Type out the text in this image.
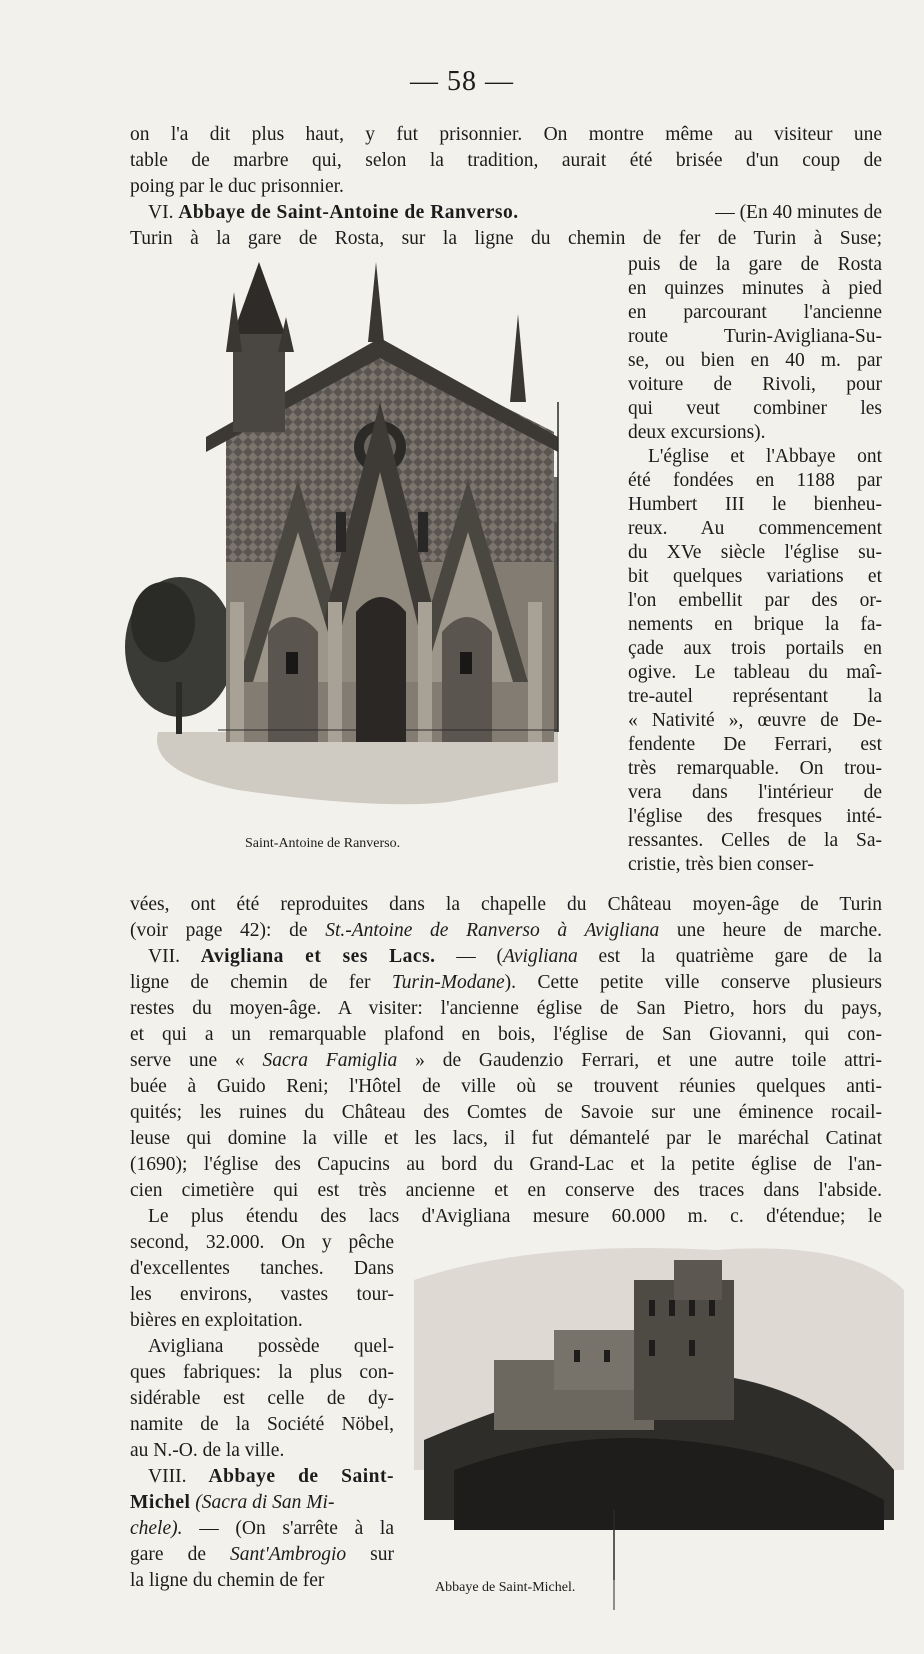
— 58 —
on l'a dit plus haut, y fut prisonnier. On montre même au visiteur une
table de marbre qui, selon la tradition, aurait été brisée d'un coup de
poing par le duc prisonnier.
VI. Abbaye de Saint-Antoine de Ranverso.	— (En 40 minutes de
Turin à la gare de Rosta, sur la ligne du chemin de fer de Turin à Suse;
puis de la gare de Rosta
en quinzes minutes à pied
en parcourant l'ancienne
route Turin-Avigliana-Su-
se, ou bien en 40 m. par
voiture de Rivoli, pour
qui veut combiner les
deux excursions).
L'église et l'Abbaye ont
été fondées en 1188 par
Humbert III le bienheu-
reux. Au commencement
du XVe siècle l'église su-
bit quelques variations et
l'on embellit par des or-
nements en brique la fa-
çade aux trois portails en
ogive. Le tableau du maî-
tre-autel représentant la
« Nativité », œuvre de De-
fendente De Ferrari, est
très remarquable. On trou-
vera dans l'intérieur de
l'église des fresques inté-
ressantes. Celles de la Sa-
cristie, très bien conser-
Saint-Antoine de Ranverso.
vées, ont été reproduites dans la chapelle du Château moyen-âge de Turin
(voir page 42): de St.-Antoine de Ranverso à Avigliana une heure de marche.
VII. Avigliana et ses Lacs. — (Avigliana est la quatrième gare de la
ligne de chemin de fer Turin-Modane). Cette petite ville conserve plusieurs
restes du moyen-âge. A visiter: l'ancienne église de San Pietro, hors du pays,
et qui a un remarquable plafond en bois, l'église de San Giovanni, qui con-
serve une « Sacra Famiglia » de Gaudenzio Ferrari, et une autre toile attri-
buée à Guido Reni; l'Hôtel de ville où se trouvent réunies quelques anti-
quités; les ruines du Château des Comtes de Savoie sur une éminence rocail-
leuse qui domine la ville et les lacs, il fut démantelé par le maréchal Catinat
(1690); l'église des Capucins au bord du Grand-Lac et la petite église de l'an-
cien cimetière qui est très ancienne et en conserve des traces dans l'abside.
Le plus étendu des lacs d'Avigliana mesure 60.000 m. c. d'étendue; le
second, 32.000. On y pêche
d'excellentes tanches. Dans
les environs, vastes tour-
bières en exploitation.
Avigliana possède quel-
ques fabriques: la plus con-
sidérable est celle de dy-
namite de la Société Nöbel,
au N.-O. de la ville.
VIII. Abbaye de Saint-
Michel (Sacra di San Mi-
chele). — (On s'arrête à la
gare de Sant'Ambrogio sur
la ligne du chemin de fer	Abbaye de Saint-Michel.
